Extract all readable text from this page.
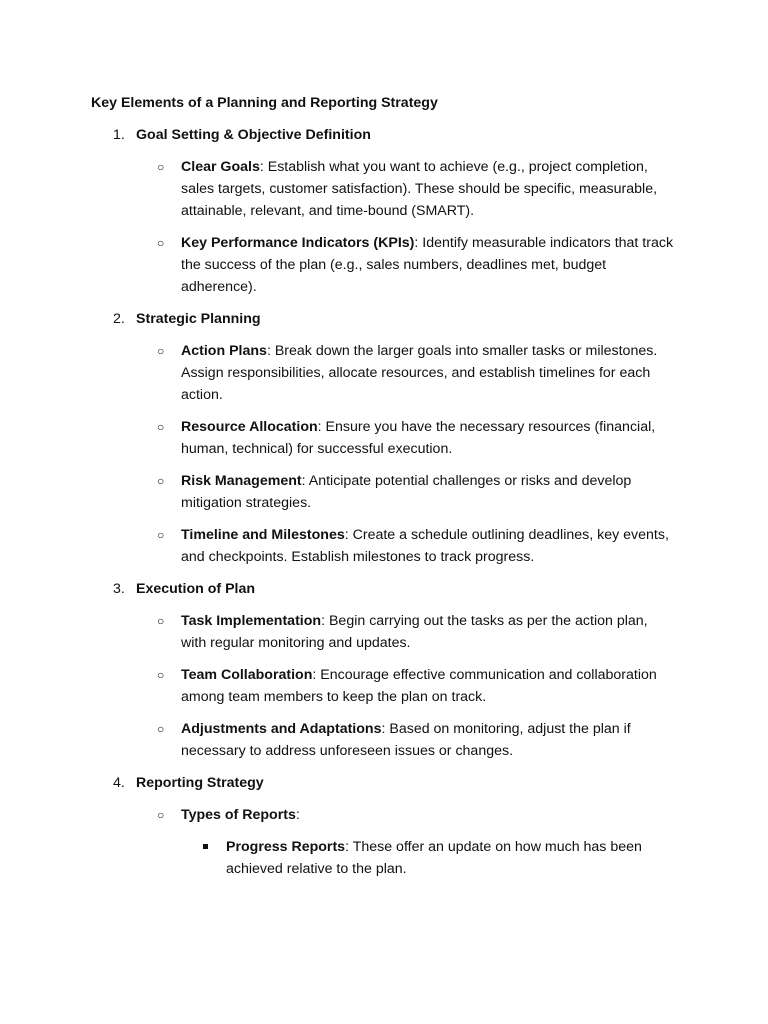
Key Elements of a Planning and Reporting Strategy
1. Goal Setting & Objective Definition
○ Clear Goals: Establish what you want to achieve (e.g., project completion, sales targets, customer satisfaction). These should be specific, measurable, attainable, relevant, and time-bound (SMART).
○ Key Performance Indicators (KPIs): Identify measurable indicators that track the success of the plan (e.g., sales numbers, deadlines met, budget adherence).
2. Strategic Planning
○ Action Plans: Break down the larger goals into smaller tasks or milestones. Assign responsibilities, allocate resources, and establish timelines for each action.
○ Resource Allocation: Ensure you have the necessary resources (financial, human, technical) for successful execution.
○ Risk Management: Anticipate potential challenges or risks and develop mitigation strategies.
○ Timeline and Milestones: Create a schedule outlining deadlines, key events, and checkpoints. Establish milestones to track progress.
3. Execution of Plan
○ Task Implementation: Begin carrying out the tasks as per the action plan, with regular monitoring and updates.
○ Team Collaboration: Encourage effective communication and collaboration among team members to keep the plan on track.
○ Adjustments and Adaptations: Based on monitoring, adjust the plan if necessary to address unforeseen issues or changes.
4. Reporting Strategy
○ Types of Reports:
Progress Reports: These offer an update on how much has been achieved relative to the plan.
